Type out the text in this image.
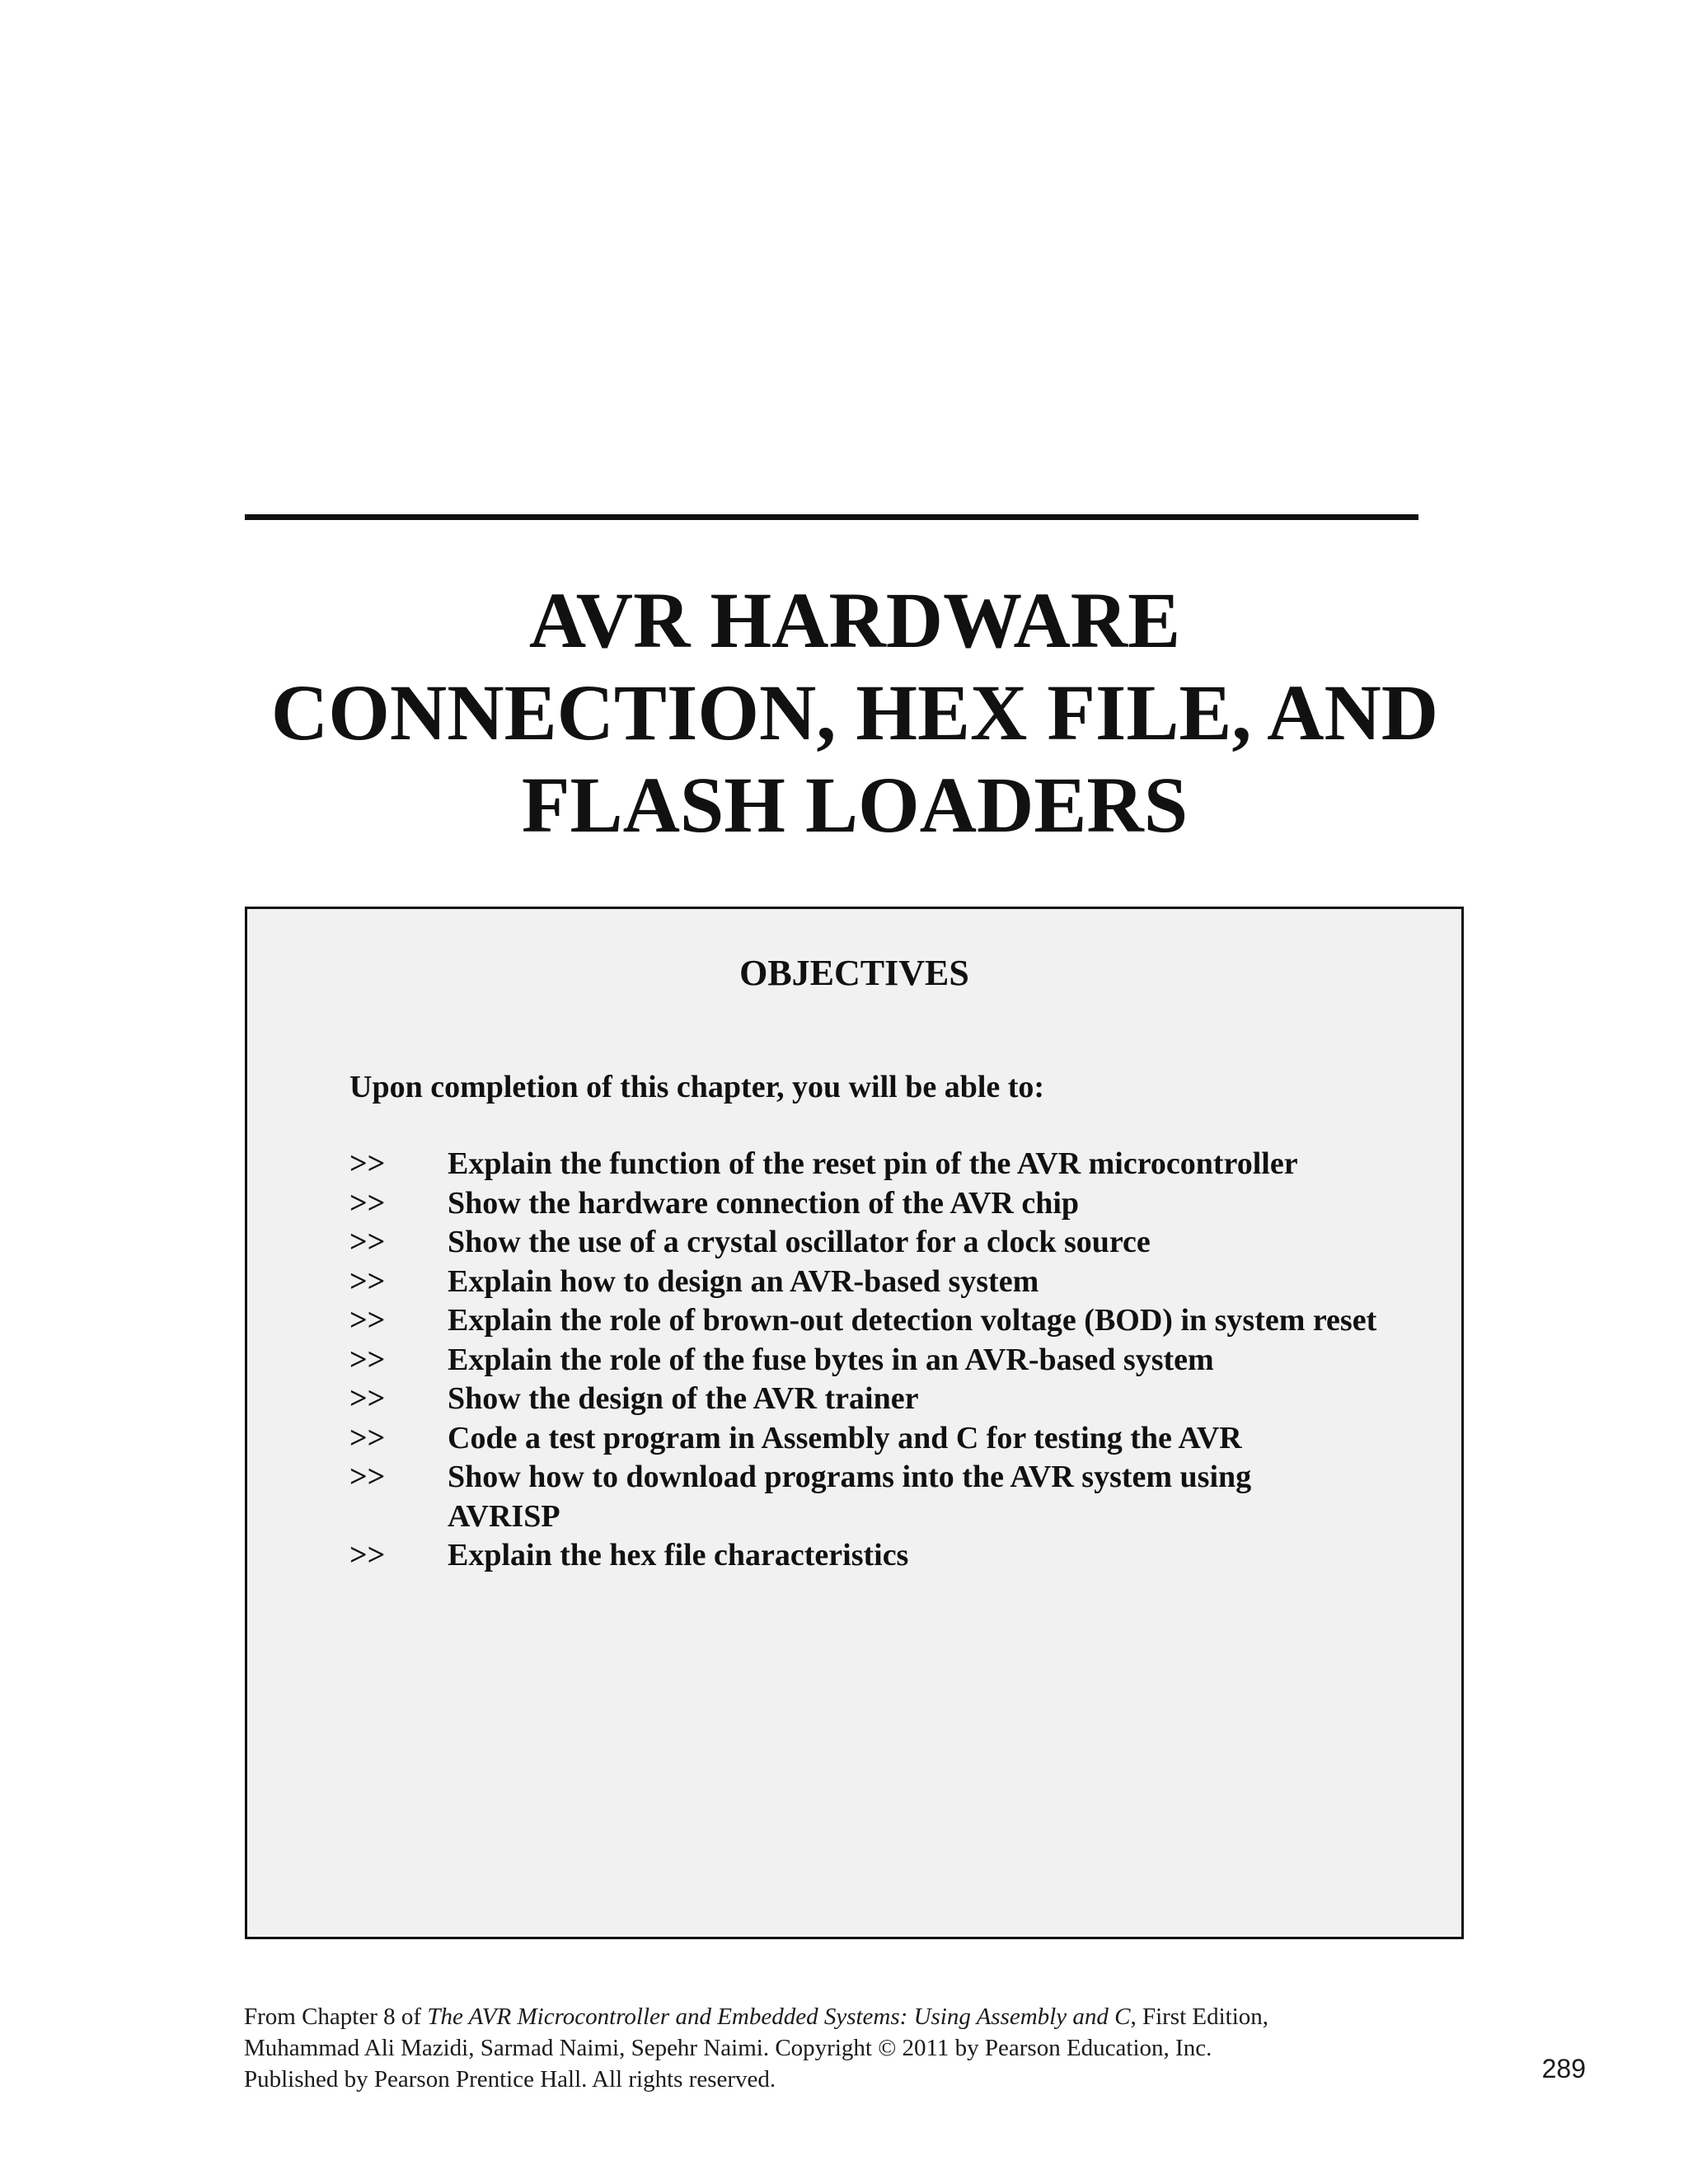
AVR HARDWARE
CONNECTION, HEX FILE, AND
FLASH LOADERS
OBJECTIVES
Upon completion of this chapter, you will be able to:
>>	Explain the function of the reset pin of the AVR microcontroller
>>	Show the hardware connection of the AVR chip
>>	Show the use of a crystal oscillator for a clock source
>>	Explain how to design an AVR-based system
>>	Explain the role of brown-out detection voltage (BOD) in system reset
>>	Explain the role of the fuse bytes in an AVR-based system
>>	Show the design of the AVR trainer
>>	Code a test program in Assembly and C for testing the AVR
>>	Show how to download programs into the AVR system using AVRISP
>>	Explain the hex file characteristics
From Chapter 8 of The AVR Microcontroller and Embedded Systems: Using Assembly and C, First Edition,
Muhammad Ali Mazidi, Sarmad Naimi, Sepehr Naimi. Copyright © 2011 by Pearson Education, Inc.
Published by Pearson Prentice Hall. All rights reserved.	289
